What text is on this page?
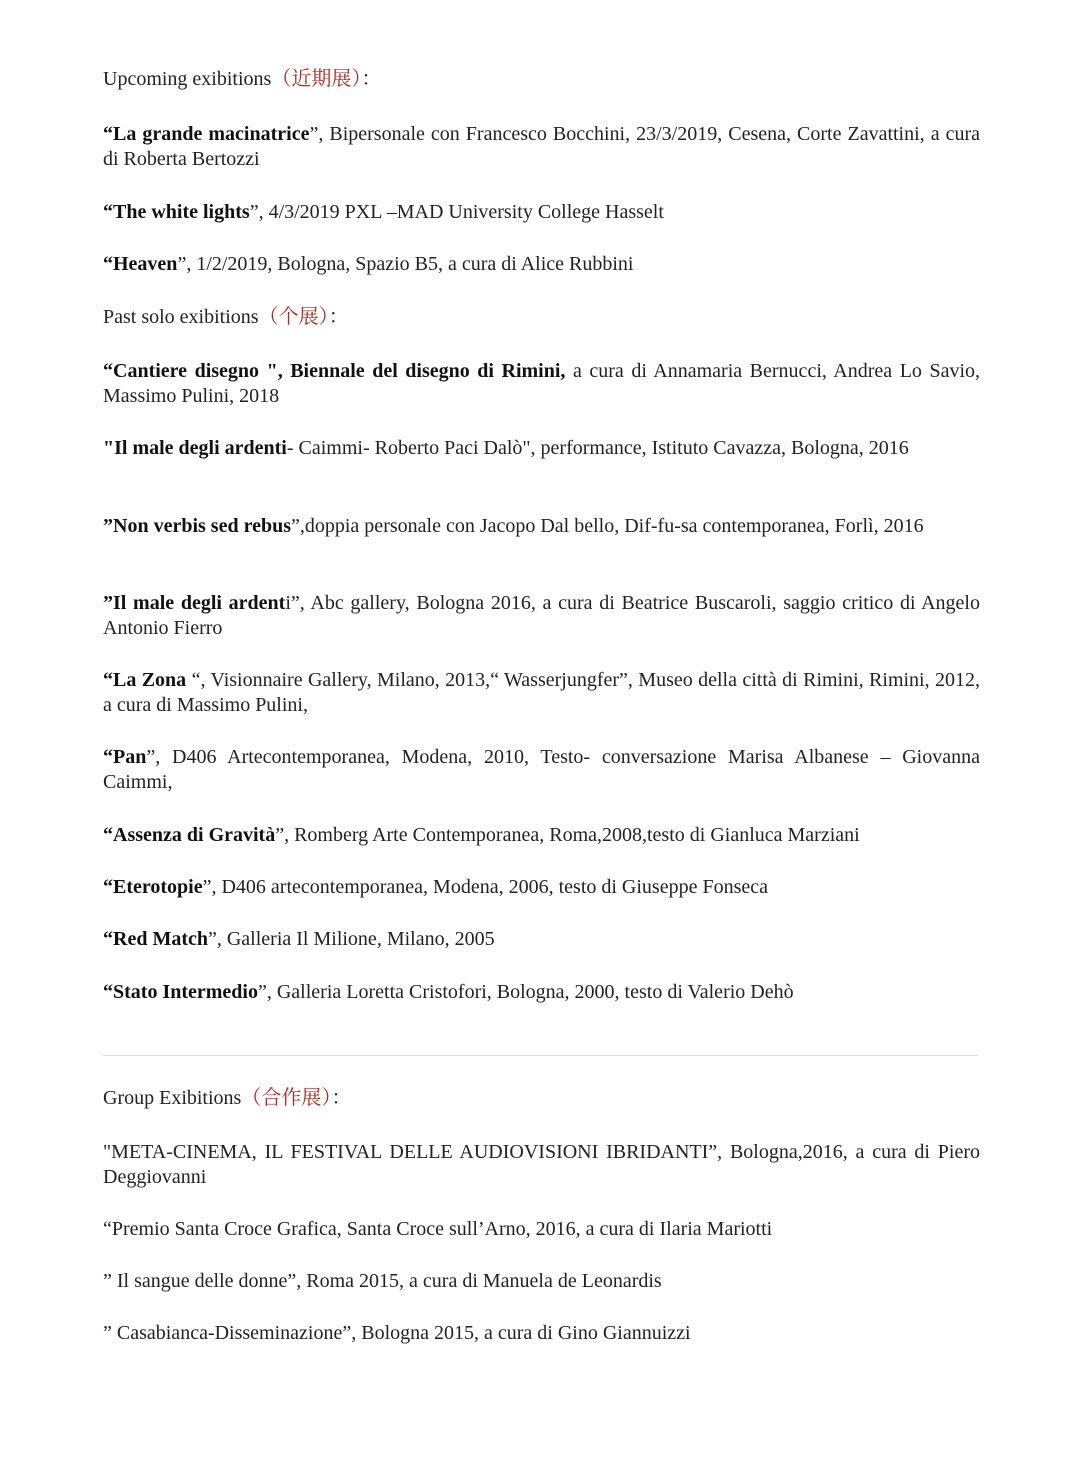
Upcoming exibitions（近期展）：
“La grande macinatrice”, Bipersonale con Francesco Bocchini, 23/3/2019, Cesena, Corte Zavattini, a cura di Roberta Bertozzi
“The white lights”, 4/3/2019 PXL –MAD University College Hasselt
“Heaven”, 1/2/2019, Bologna, Spazio B5, a cura di Alice Rubbini
Past solo exibitions（个展）：
“Cantiere disegno ", Biennale del disegno di Rimini, a cura di Annamaria Bernucci, Andrea Lo Savio, Massimo Pulini, 2018
"Il male degli ardenti- Caimmi- Roberto Paci Dalò", performance, Istituto Cavazza, Bologna, 2016
”Non verbis sed rebus”,doppia personale con Jacopo Dal bello, Dif-fu-sa contemporanea, Forlì, 2016
”Il male degli ardenti”, Abc gallery, Bologna 2016, a cura di Beatrice Buscaroli, saggio critico di Angelo Antonio Fierro
“La Zona “, Visionnaire Gallery, Milano, 2013,“ Wasserjungfer”, Museo della città di Rimini, Rimini, 2012, a cura di Massimo Pulini,
“Pan”, D406 Artecontemporanea, Modena, 2010, Testo- conversazione Marisa Albanese – Giovanna Caimmi,
“Assenza di Gravità”, Romberg Arte Contemporanea, Roma,2008,testo di Gianluca Marziani
“Eterotopie”, D406 artecontemporanea, Modena, 2006, testo di Giuseppe Fonseca
“Red Match”, Galleria Il Milione, Milano, 2005
“Stato Intermedio”, Galleria Loretta Cristofori, Bologna, 2000, testo di Valerio Dehò
Group Exibitions（合作展）：
"META-CINEMA, IL FESTIVAL DELLE AUDIOVISIONI IBRIDANTI”, Bologna,2016, a cura di Piero Deggiovanni
“Premio Santa Croce Grafica, Santa Croce sull’Arno, 2016, a cura di Ilaria Mariotti
” Il sangue delle donne”, Roma 2015, a cura di Manuela de Leonardis
” Casabianca-Disseminazione”, Bologna 2015, a cura di Gino Giannuizzi
